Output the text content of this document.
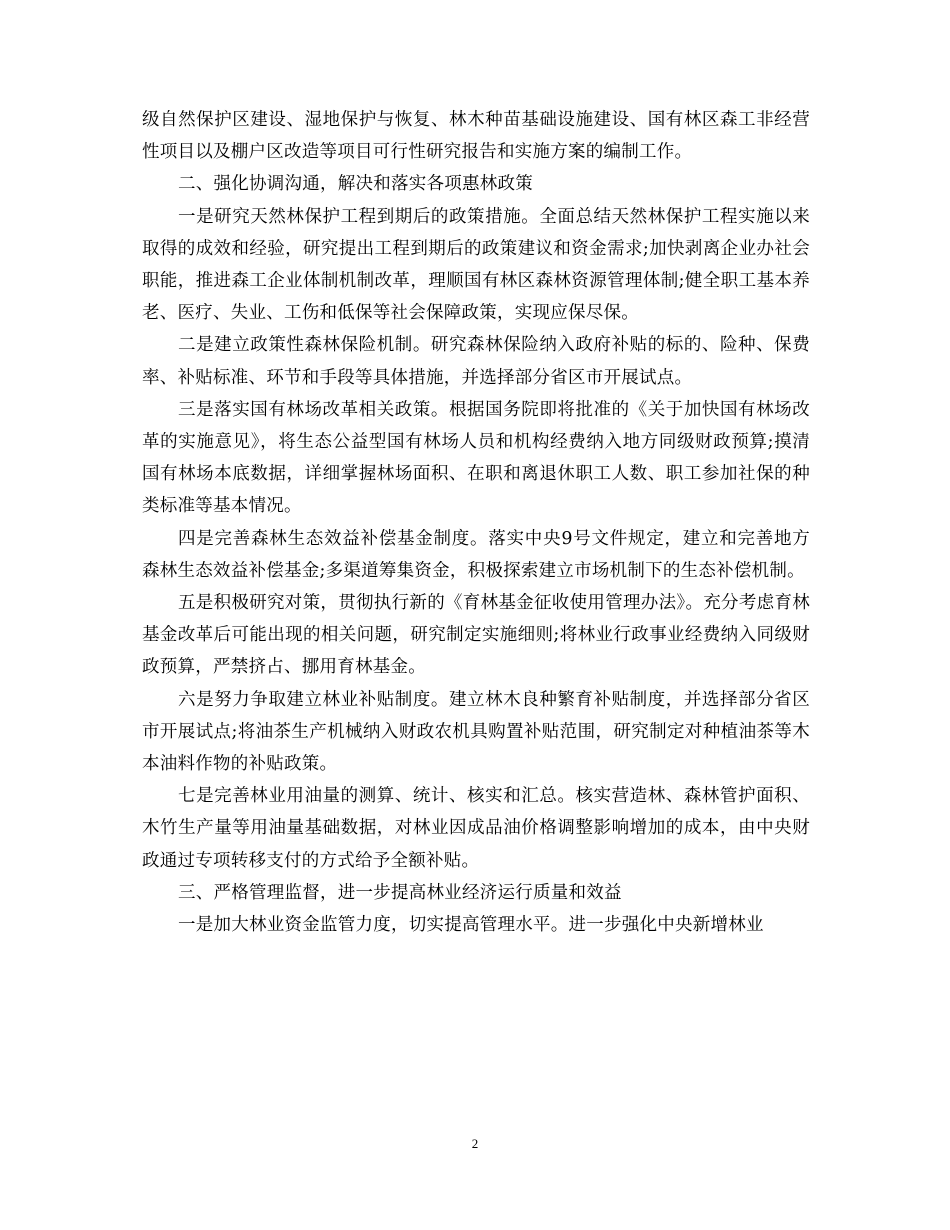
级自然保护区建设、湿地保护与恢复、林木种苗基础设施建设、国有林区森工非经营性项目以及棚户区改造等项目可行性研究报告和实施方案的编制工作。

二、强化协调沟通，解决和落实各项惠林政策

一是研究天然林保护工程到期后的政策措施。全面总结天然林保护工程实施以来取得的成效和经验，研究提出工程到期后的政策建议和资金需求;加快剥离企业办社会职能，推进森工企业体制机制改革，理顺国有林区森林资源管理体制;健全职工基本养老、医疗、失业、工伤和低保等社会保障政策，实现应保尽保。

二是建立政策性森林保险机制。研究森林保险纳入政府补贴的标的、险种、保费率、补贴标准、环节和手段等具体措施，并选择部分省区市开展试点。

三是落实国有林场改革相关政策。根据国务院即将批准的《关于加快国有林场改革的实施意见》，将生态公益型国有林场人员和机构经费纳入地方同级财政预算;摸清国有林场本底数据，详细掌握林场面积、在职和离退休职工人数、职工参加社保的种类标准等基本情况。

四是完善森林生态效益补偿基金制度。落实中央9号文件规定，建立和完善地方森林生态效益补偿基金;多渠道筹集资金，积极探索建立市场机制下的生态补偿机制。

五是积极研究对策，贯彻执行新的《育林基金征收使用管理办法》。充分考虑育林基金改革后可能出现的相关问题，研究制定实施细则;将林业行政事业经费纳入同级财政预算，严禁挤占、挪用育林基金。

六是努力争取建立林业补贴制度。建立林木良种繁育补贴制度，并选择部分省区市开展试点;将油茶生产机械纳入财政农机具购置补贴范围，研究制定对种植油茶等木本油料作物的补贴政策。

七是完善林业用油量的测算、统计、核实和汇总。核实营造林、森林管护面积、木竹生产量等用油量基础数据，对林业因成品油价格调整影响增加的成本，由中央财政通过专项转移支付的方式给予全额补贴。

三、严格管理监督，进一步提高林业经济运行质量和效益

一是加大林业资金监管力度，切实提高管理水平。进一步强化中央新增林业

2
